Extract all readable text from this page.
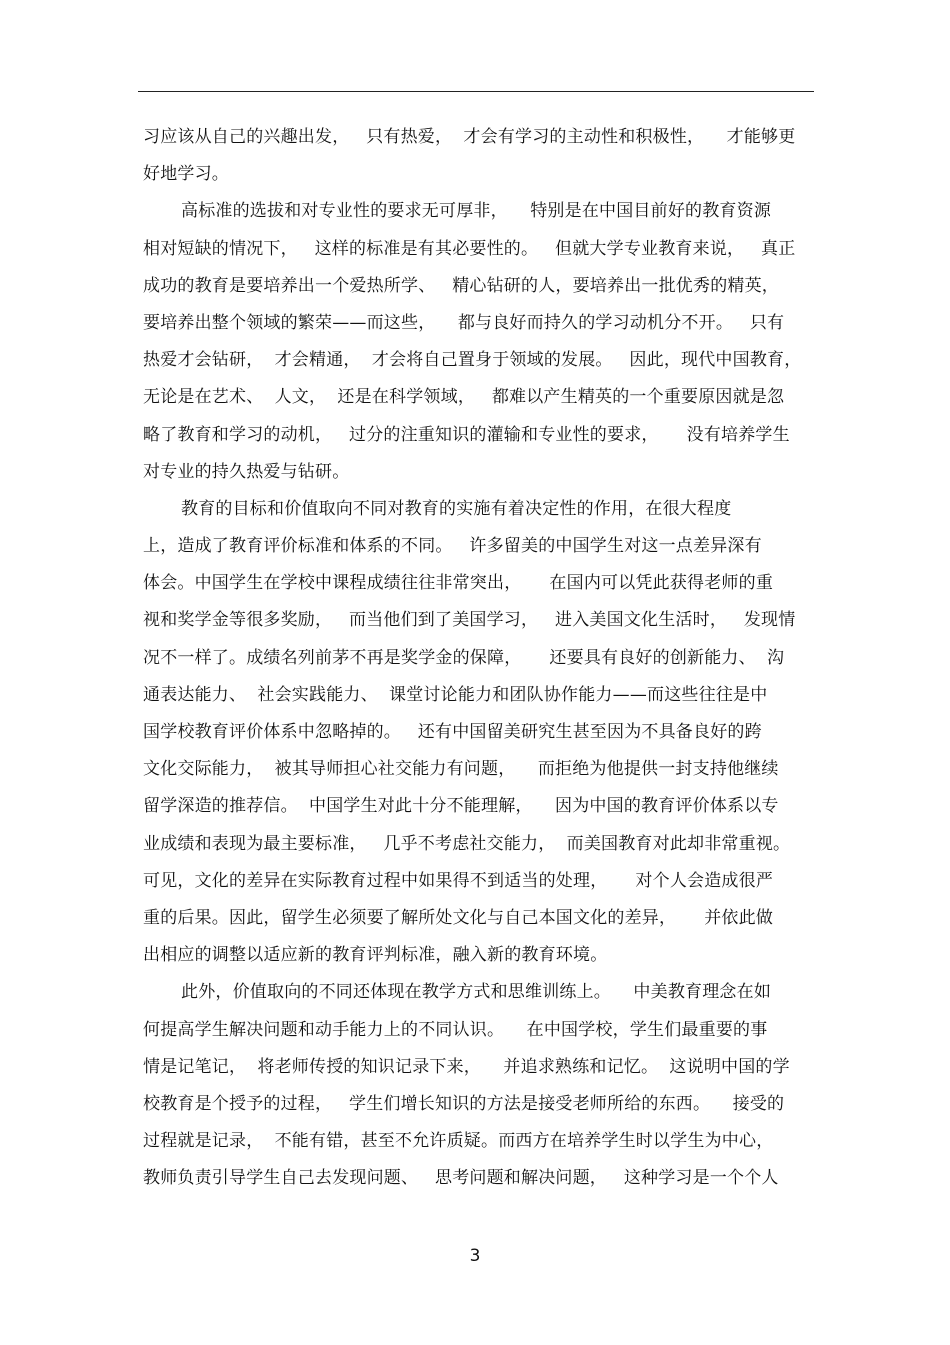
习应该从自己的兴趣出发，   只有热爱，  才会有学习的主动性和积极性，    才能够更
好地学习。
高标准的选拔和对专业性的要求无可厚非，    特别是在中国目前好的教育资源
相对短缺的情况下，   这样的标准是有其必要性的。   但就大学专业教育来说，   真正
成功的教育是要培养出一个爱热所学、   精心钻研的人，要培养出一批优秀的精英，
要培养出整个领域的繁荣——而这些，    都与良好而持久的学习动机分不开。   只有
热爱才会钻研，  才会精通，  才会将自己置身于领域的发展。   因此，现代中国教育，
无论是在艺术、  人文，  还是在科学领域，   都难以产生精英的一个重要原因就是忽
略了教育和学习的动机，   过分的注重知识的灌输和专业性的要求，     没有培养学生
对专业的持久热爱与钻研。
教育的目标和价值取向不同对教育的实施有着决定性的作用，在很大程度
上，造成了教育评价标准和体系的不同。   许多留美的中国学生对这一点差异深有
体会。中国学生在学校中课程成绩往往非常突出，     在国内可以凭此获得老师的重
视和奖学金等很多奖励，   而当他们到了美国学习，   进入美国文化生活时，   发现情
况不一样了。成绩名列前茅不再是奖学金的保障，     还要具有良好的创新能力、  沟
通表达能力、  社会实践能力、  课堂讨论能力和团队协作能力——而这些往往是中
国学校教育评价体系中忽略掉的。   还有中国留美研究生甚至因为不具备良好的跨
文化交际能力，  被其导师担心社交能力有问题，    而拒绝为他提供一封支持他继续
留学深造的推荐信。  中国学生对此十分不能理解，    因为中国的教育评价体系以专
业成绩和表现为最主要标准，   几乎不考虑社交能力，  而美国教育对此却非常重视。
可见，文化的差异在实际教育过程中如果得不到适当的处理，     对个人会造成很严
重的后果。因此，留学生必须要了解所处文化与自己本国文化的差异，     并依此做
出相应的调整以适应新的教育评判标准，融入新的教育环境。
此外，价值取向的不同还体现在教学方式和思维训练上。    中美教育理念在如
何提高学生解决问题和动手能力上的不同认识。    在中国学校，学生们最重要的事
情是记笔记，  将老师传授的知识记录下来，    并追求熟练和记忆。  这说明中国的学
校教育是个授予的过程，   学生们增长知识的方法是接受老师所给的东西。    接受的
过程就是记录，  不能有错，甚至不允许质疑。而西方在培养学生时以学生为中心，
教师负责引导学生自己去发现问题、   思考问题和解决问题，   这种学习是一个个人
3
